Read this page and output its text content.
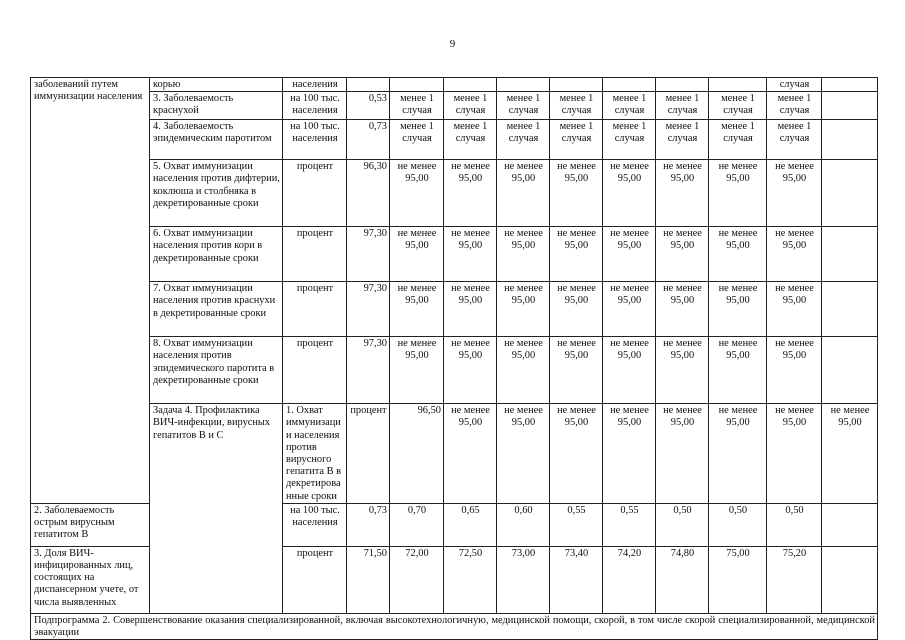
9
заболеваний путем иммунизации населения	корью	населения									случая		
	3. Заболеваемость краснухой	на 100 тыс. населения	0,53	менее 1 случая	менее 1 случая	менее 1 случая	менее 1 случая	менее 1 случая	менее 1 случая	менее 1 случая	менее 1 случая		
	4. Заболеваемость эпидемическим паротитом	на 100 тыс. населения	0,73	менее 1 случая	менее 1 случая	менее 1 случая	менее 1 случая	менее 1 случая	менее 1 случая	менее 1 случая	менее 1 случая		
	5. Охват иммунизации населения против дифтерии, коклюша и столбняка в декретированные сроки	процент	96,30	не менее 95,00	не менее 95,00	не менее 95,00	не менее 95,00	не менее 95,00	не менее 95,00	не менее 95,00	не менее 95,00		
	6. Охват иммунизации населения против кори в декретированные сроки	процент	97,30	не менее 95,00	не менее 95,00	не менее 95,00	не менее 95,00	не менее 95,00	не менее 95,00	не менее 95,00	не менее 95,00		
	7. Охват иммунизации населения против краснухи в декретированные сроки	процент	97,30	не менее 95,00	не менее 95,00	не менее 95,00	не менее 95,00	не менее 95,00	не менее 95,00	не менее 95,00	не менее 95,00		
	8. Охват иммунизации населения против эпидемического паротита в декретированные сроки	процент	97,30	не менее 95,00	не менее 95,00	не менее 95,00	не менее 95,00	не менее 95,00	не менее 95,00	не менее 95,00	не менее 95,00		
	Задача 4. Профилактика ВИЧ-инфекции, вирусных гепатитов В и С	1. Охват иммунизации населения против вирусного гепатита В в декретированные сроки	процент	96,50	не менее 95,00	не менее 95,00	не менее 95,00	не менее 95,00	не менее 95,00	не менее 95,00	не менее 95,00	не менее 95,00	
2. Заболеваемость острым вирусным гепатитом В		на 100 тыс. населения	0,73	0,70	0,65	0,60	0,55	0,55	0,50	0,50	0,50		
3. Доля ВИЧ-инфицированных лиц, состоящих на диспансерном учете, от числа выявленных		процент	71,50	72,00	72,50	73,00	73,40	74,20	74,80	75,00	75,20		
Подпрограмма 2. Совершенствование оказания специализированной, включая высокотехнологичную, медицинской помощи, скорой, в том числе скорой специализированной, медицинской эвакуации													
